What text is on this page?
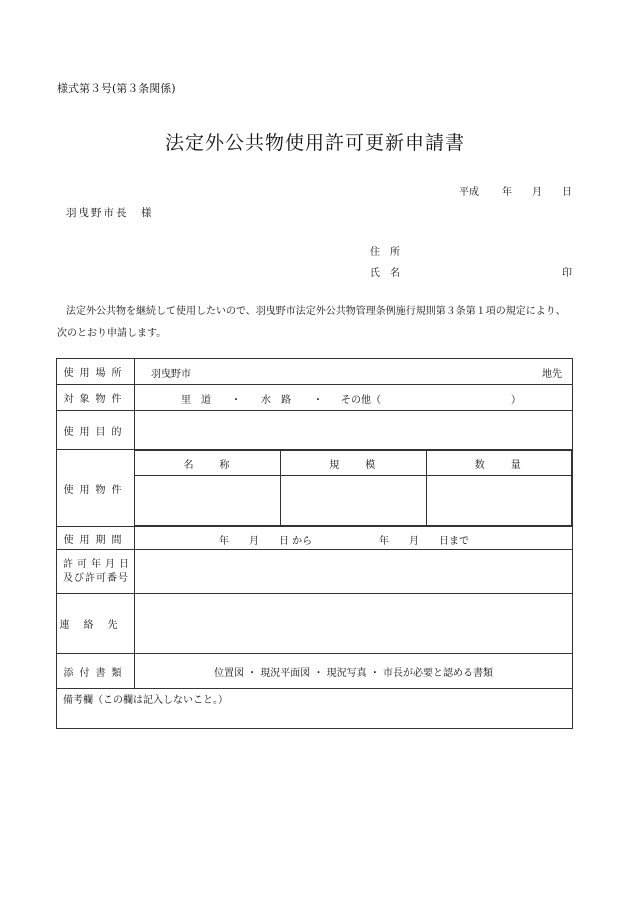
様式第３号(第３条関係)
法定外公共物使用許可更新申請書
平成 年 月 日
羽曳野市長　様
住　所
氏　名	印
法定外公共物を継続して使用したいので、羽曳野市法定外公共物管理条例施行規則第３条第１項の規定により、
次のとおり申請します。
使用場所	羽曳野市	地先

対象物件	里　道 ・ 水　路 ・ その他（	）

使用目的	
使用物件	
名　　称	規　　模	数　　量

使用期間	年　　月　　日 から	年　　月　　日まで

許可年月日
及び許可番号

連絡先	
添付書類	位置図 ・ 現況平面図 ・ 現況写真 ・ 市長が必要と認める書類
備考欄（この欄は記入しないこと。）
